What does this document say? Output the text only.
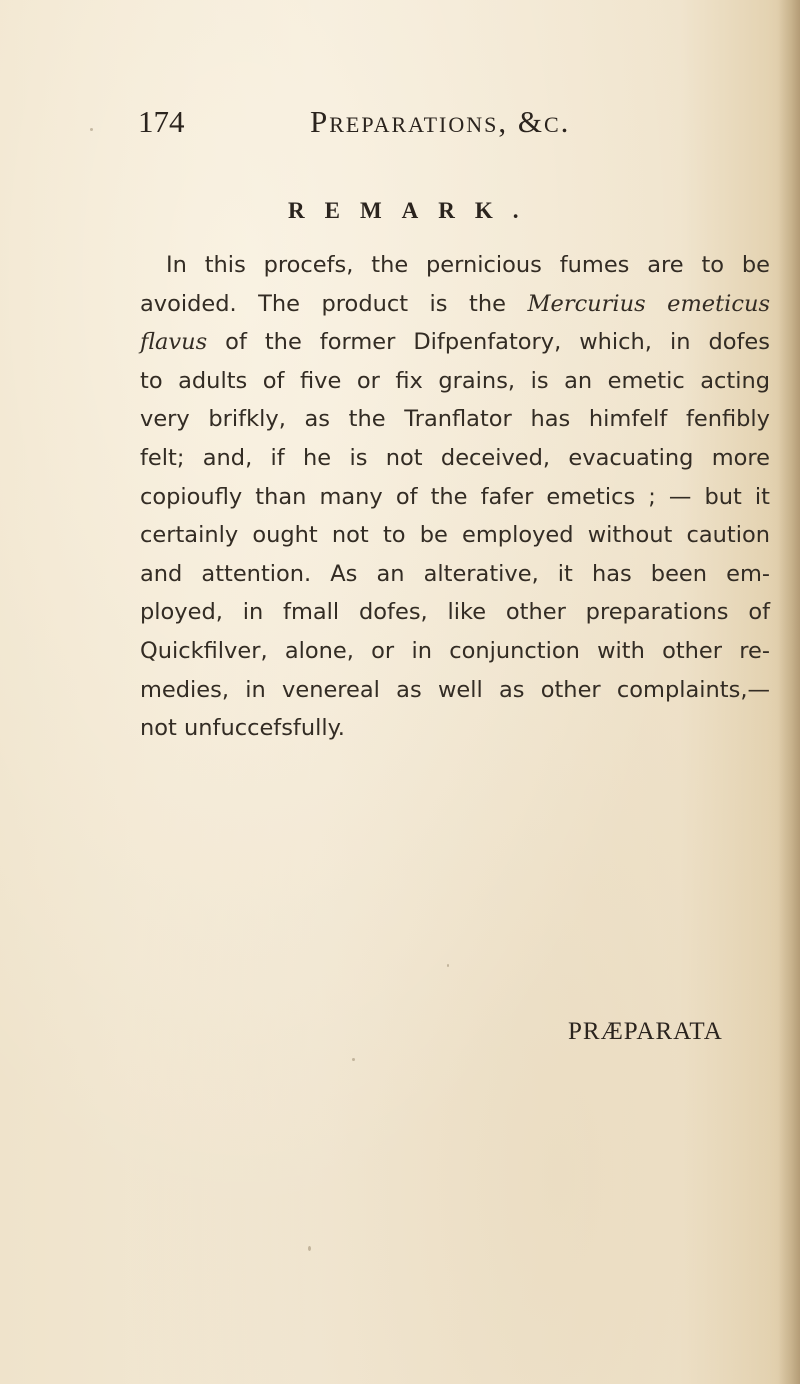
174	Preparations, &c.
REMARK.
In this procefs, the pernicious fumes are to be
avoided. The product is the Mercurius emeticus
flavus of the former Difpenfatory, which, in dofes
to adults of five or fix grains, is an emetic acting
very brifkly, as the Tranflator has himfelf fenfibly
felt; and, if he is not deceived, evacuating more
copioufly than many of the fafer emetics ; — but it
certainly ought not to be employed without caution
and attention. As an alterative, it has been em-
ployed, in fmall dofes, like other preparations of
Quickfilver, alone, or in conjunction with other re-
medies, in venereal as well as other complaints,—
not unfuccefsfully.
PRÆPARATA
